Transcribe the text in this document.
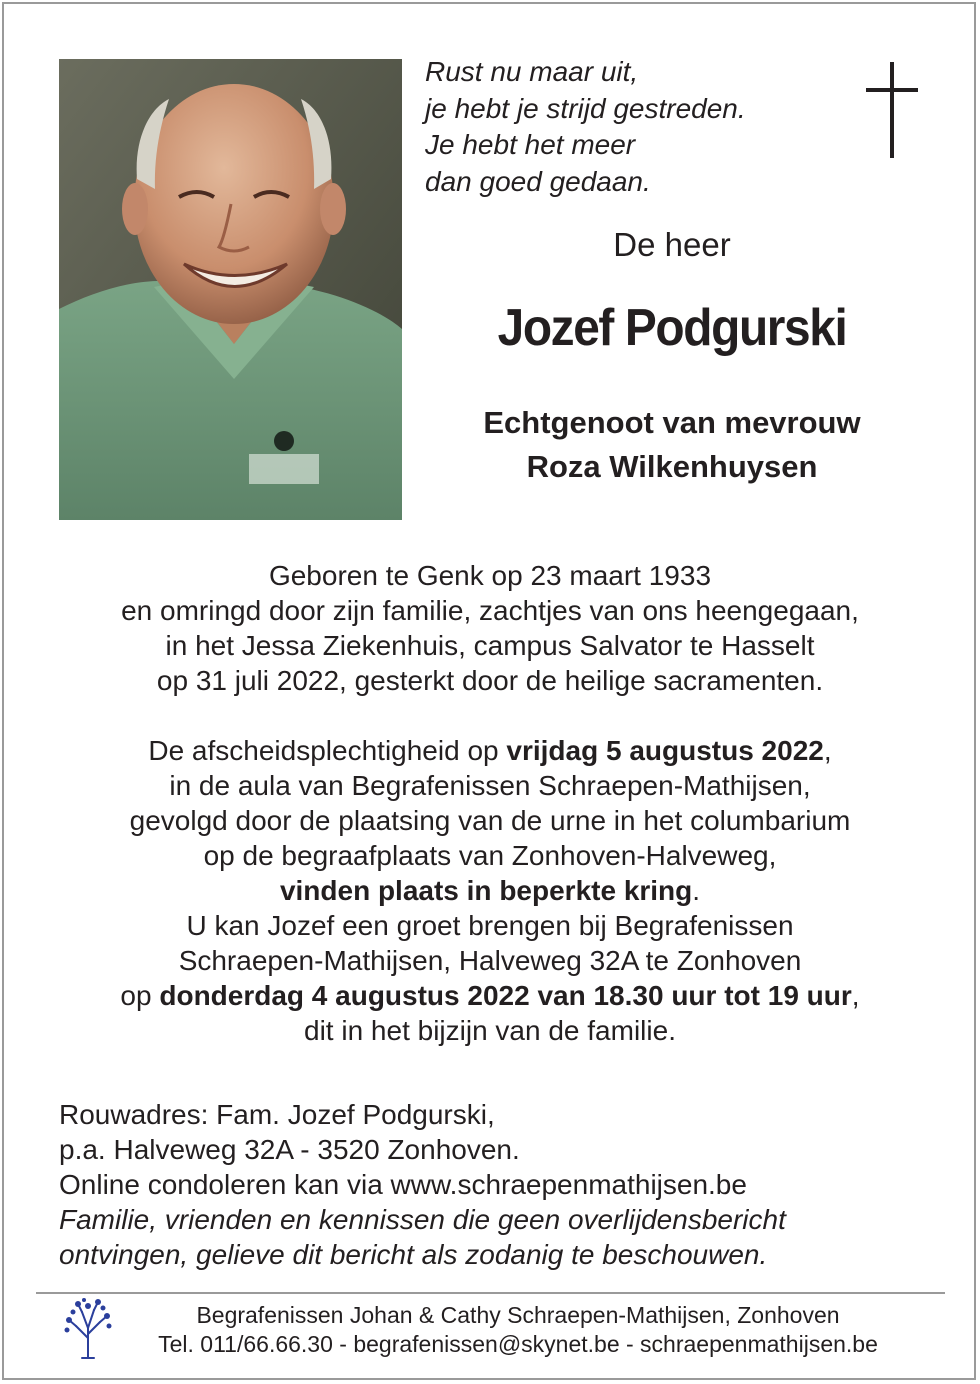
Rust nu maar uit,
je hebt je strijd gestreden.
Je hebt het meer
dan goed gedaan.
De heer
Jozef Podgurski
Echtgenoot van mevrouw
Roza Wilkenhuysen
Geboren te Genk op 23 maart 1933
en omringd door zijn familie, zachtjes van ons heengegaan,
in het Jessa Ziekenhuis, campus Salvator te Hasselt
op 31 juli 2022, gesterkt door de heilige sacramenten.
De afscheidsplechtigheid op vrijdag 5 augustus 2022,
in de aula van Begrafenissen Schraepen-Mathijsen,
gevolgd door de plaatsing van de urne in het columbarium
op de begraafplaats van Zonhoven-Halveweg,
vinden plaats in beperkte kring.
U kan Jozef een groet brengen bij Begrafenissen
Schraepen-Mathijsen, Halveweg 32A te Zonhoven
op donderdag 4 augustus 2022 van 18.30 uur tot 19 uur,
dit in het bijzijn van de familie.
Rouwadres: Fam. Jozef Podgurski,
p.a. Halveweg 32A - 3520 Zonhoven.
Online condoleren kan via www.schraepenmathijsen.be
Familie, vrienden en kennissen die geen overlijdensbericht
ontvingen, gelieve dit bericht als zodanig te beschouwen.
Begrafenissen Johan & Cathy Schraepen-Mathijsen, Zonhoven
Tel. 011/66.66.30 - begrafenissen@skynet.be - schraepenmathijsen.be
